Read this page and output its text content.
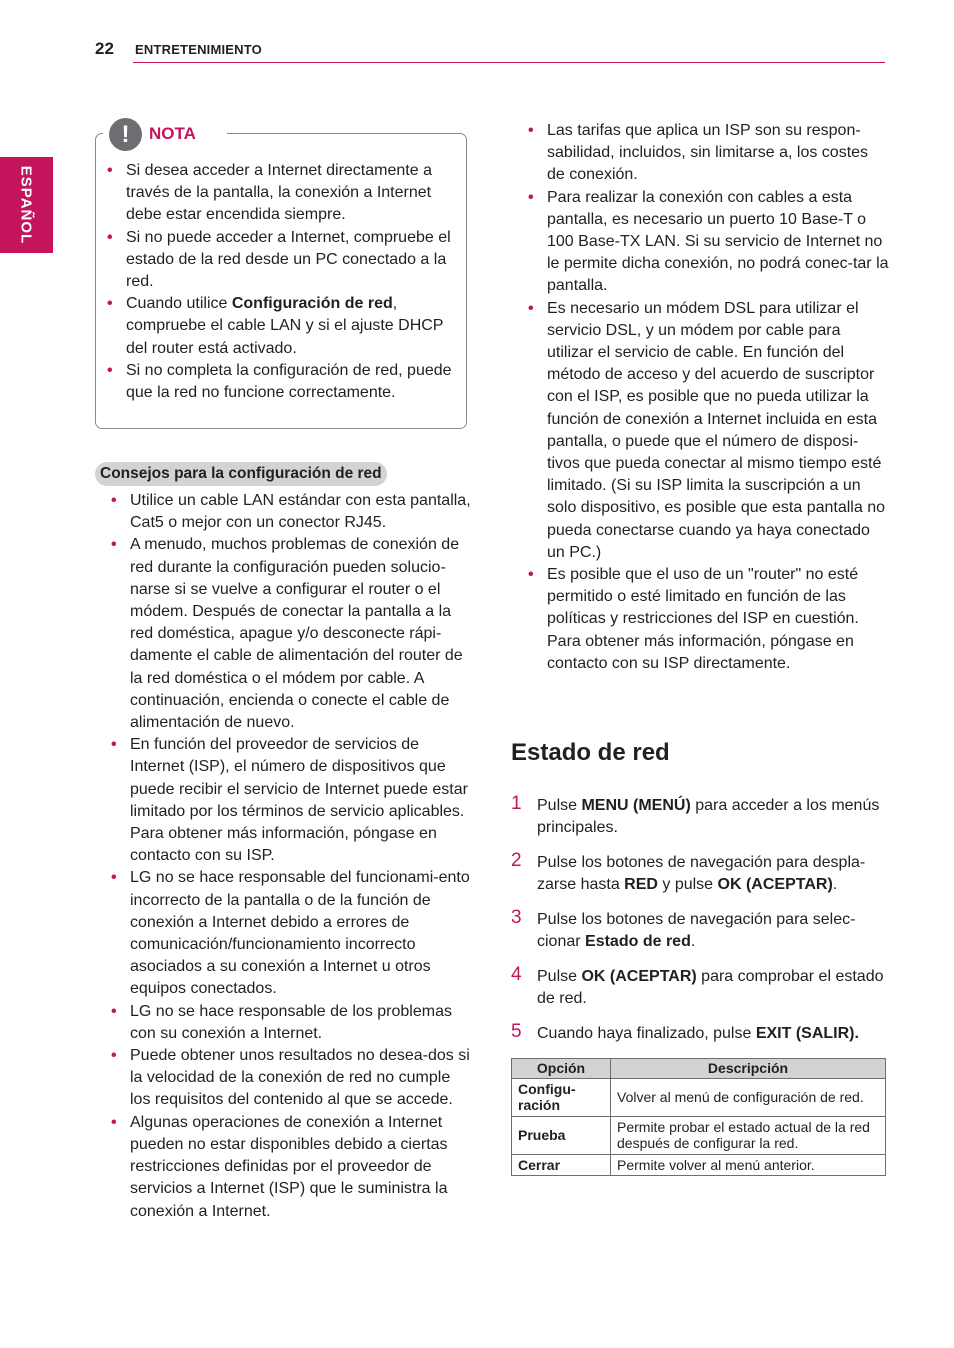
22 ENTRETENIMIENTO
ESPAÑOL
!	NOTA
• Si desea acceder a Internet directamente a través de la pantalla, la conexión a Internet debe estar encendida siempre.
• Si no puede acceder a Internet, compruebe el estado de la red desde un PC conectado a la red.
• Cuando utilice Configuración de red, compruebe el cable LAN y si el ajuste DHCP del router está activado.
• Si no completa la configuración de red, puede que la red no funcione correctamente.
Consejos para la configuración de red
• Utilice un cable LAN estándar con esta pantalla, Cat5 o mejor con un conector RJ45.
• A menudo, muchos problemas de conexión de red durante la configuración pueden solucio-narse si se vuelve a configurar el router o el módem. Después de conectar la pantalla a la red doméstica, apague y/o desconecte rápi-damente el cable de alimentación del router de la red doméstica o el módem por cable. A continuación, encienda o conecte el cable de alimentación de nuevo.
• En función del proveedor de servicios de Internet (ISP), el número de dispositivos que puede recibir el servicio de Internet puede estar limitado por los términos de servicio aplicables. Para obtener más información, póngase en contacto con su ISP.
• LG no se hace responsable del funcionami-ento incorrecto de la pantalla o de la función de conexión a Internet debido a errores de comunicación/funcionamiento incorrecto asociados a su conexión a Internet u otros equipos conectados.
• LG no se hace responsable de los problemas con su conexión a Internet.
• Puede obtener unos resultados no desea-dos si la velocidad de la conexión de red no cumple los requisitos del contenido al que se accede.
• Algunas operaciones de conexión a Internet pueden no estar disponibles debido a ciertas restricciones definidas por el proveedor de servicios a Internet (ISP) que le suministra la conexión a Internet.
• Las tarifas que aplica un ISP son su respon-sabilidad, incluidos, sin limitarse a, los costes de conexión.
• Para realizar la conexión con cables a esta pantalla, es necesario un puerto 10 Base-T o 100 Base-TX LAN. Si su servicio de Internet no le permite dicha conexión, no podrá conec-tar la pantalla.
• Es necesario un módem DSL para utilizar el servicio DSL, y un módem por cable para utilizar el servicio de cable. En función del método de acceso y del acuerdo de suscriptor con el ISP, es posible que no pueda utilizar la función de conexión a Internet incluida en esta pantalla, o puede que el número de disposi-tivos que pueda conectar al mismo tiempo esté limitado. (Si su ISP limita la suscripción a un solo dispositivo, es posible que esta pantalla no pueda conectarse cuando ya haya conectado un PC.)
• Es posible que el uso de un "router" no esté permitido o esté limitado en función de las políticas y restricciones del ISP en cuestión. Para obtener más información, póngase en contacto con su ISP directamente.
Estado de red
1 Pulse MENU (MENÚ) para acceder a los menús principales.
2 Pulse los botones de navegación para despla-zarse hasta RED y pulse OK (ACEPTAR).
3 Pulse los botones de navegación para selec-cionar Estado de red.
4 Pulse OK (ACEPTAR) para comprobar el estado de red.
5 Cuando haya finalizado, pulse EXIT (SALIR).
Opción	Descripción
Configu-ración	Volver al menú de configuración de red.
Prueba	Permite probar el estado actual de la red después de configurar la red.
Cerrar	Permite volver al menú anterior.
